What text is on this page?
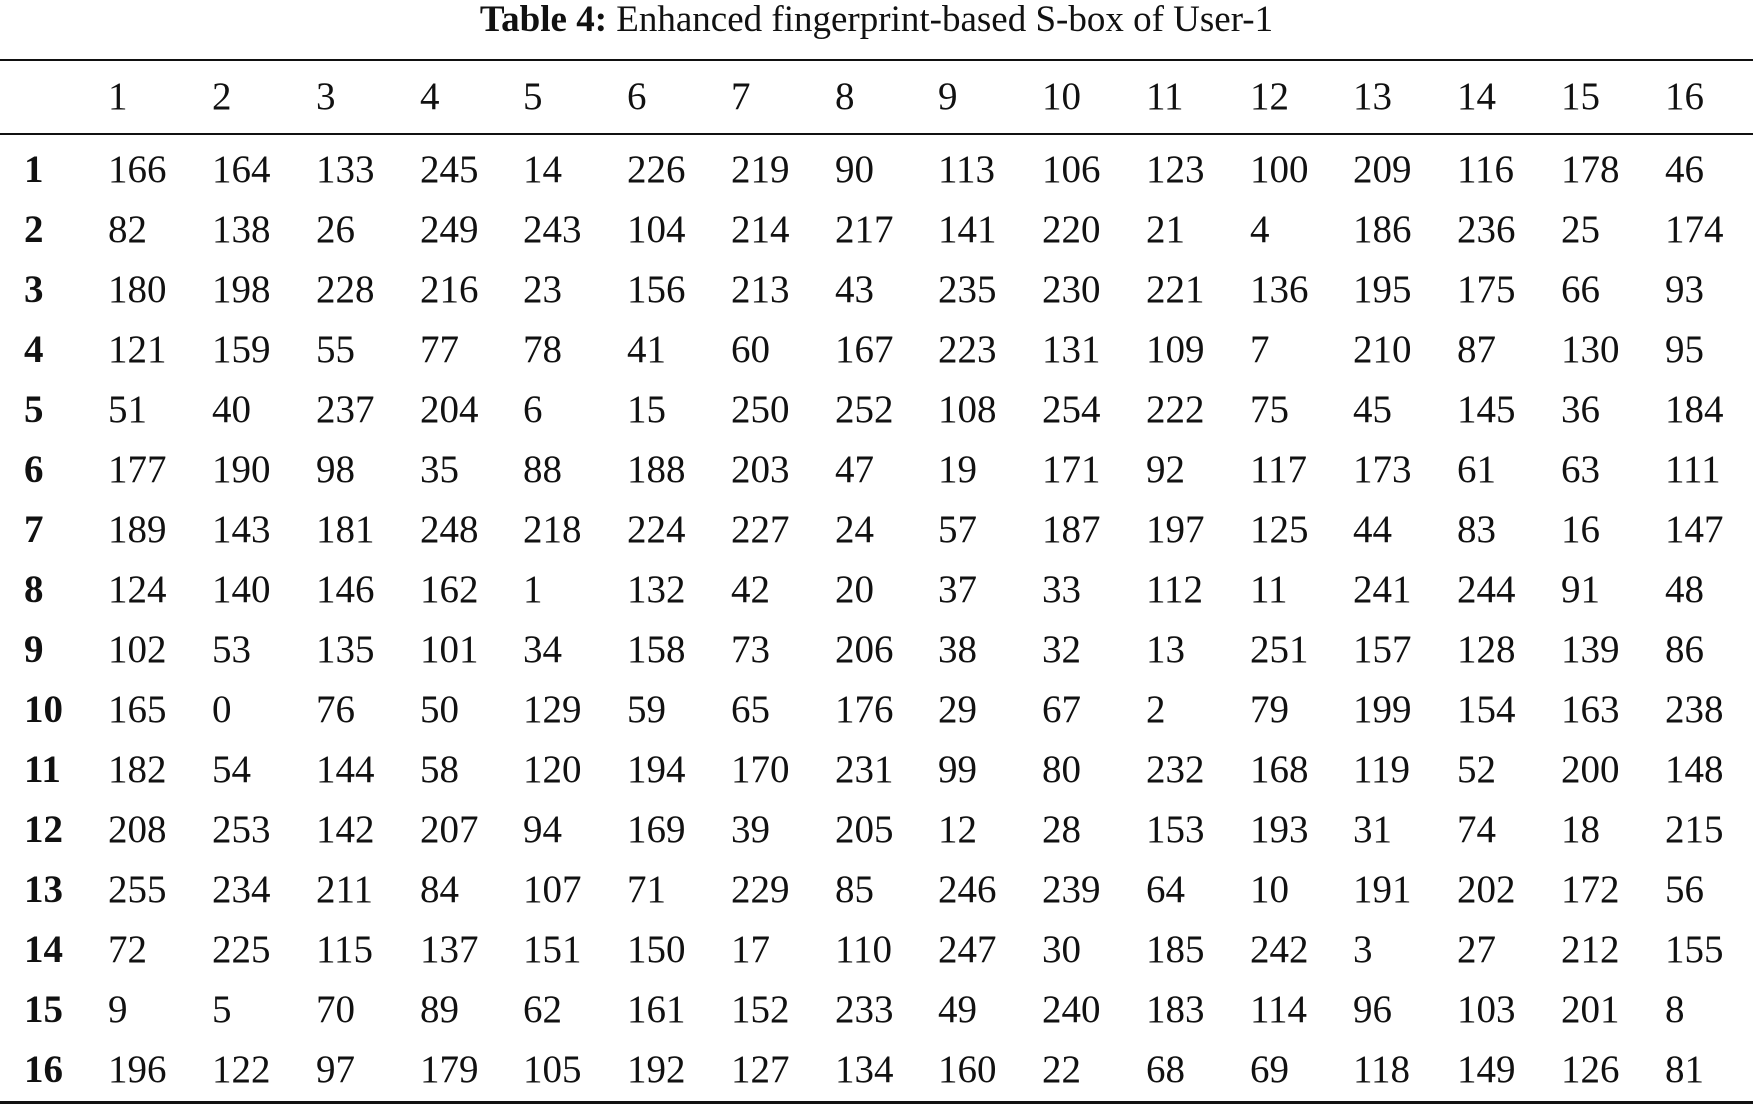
Table 4: Enhanced fingerprint-based S-box of User-1
1 2 3 4 5 6 7 8 9 10 11 12 13 14 15 16
1 166 164 133 245 14 226 219 90 113 106 123 100 209 116 178 46
2 82 138 26 249 243 104 214 217 141 220 21 4 186 236 25 174
3 180 198 228 216 23 156 213 43 235 230 221 136 195 175 66 93
4 121 159 55 77 78 41 60 167 223 131 109 7 210 87 130 95
5 51 40 237 204 6 15 250 252 108 254 222 75 45 145 36 184
6 177 190 98 35 88 188 203 47 19 171 92 117 173 61 63 111
7 189 143 181 248 218 224 227 24 57 187 197 125 44 83 16 147
8 124 140 146 162 1 132 42 20 37 33 112 11 241 244 91 48
9 102 53 135 101 34 158 73 206 38 32 13 251 157 128 139 86
10 165 0 76 50 129 59 65 176 29 67 2 79 199 154 163 238
11 182 54 144 58 120 194 170 231 99 80 232 168 119 52 200 148
12 208 253 142 207 94 169 39 205 12 28 153 193 31 74 18 215
13 255 234 211 84 107 71 229 85 246 239 64 10 191 202 172 56
14 72 225 115 137 151 150 17 110 247 30 185 242 3 27 212 155
15 9 5 70 89 62 161 152 233 49 240 183 114 96 103 201 8
16 196 122 97 179 105 192 127 134 160 22 68 69 118 149 126 81
